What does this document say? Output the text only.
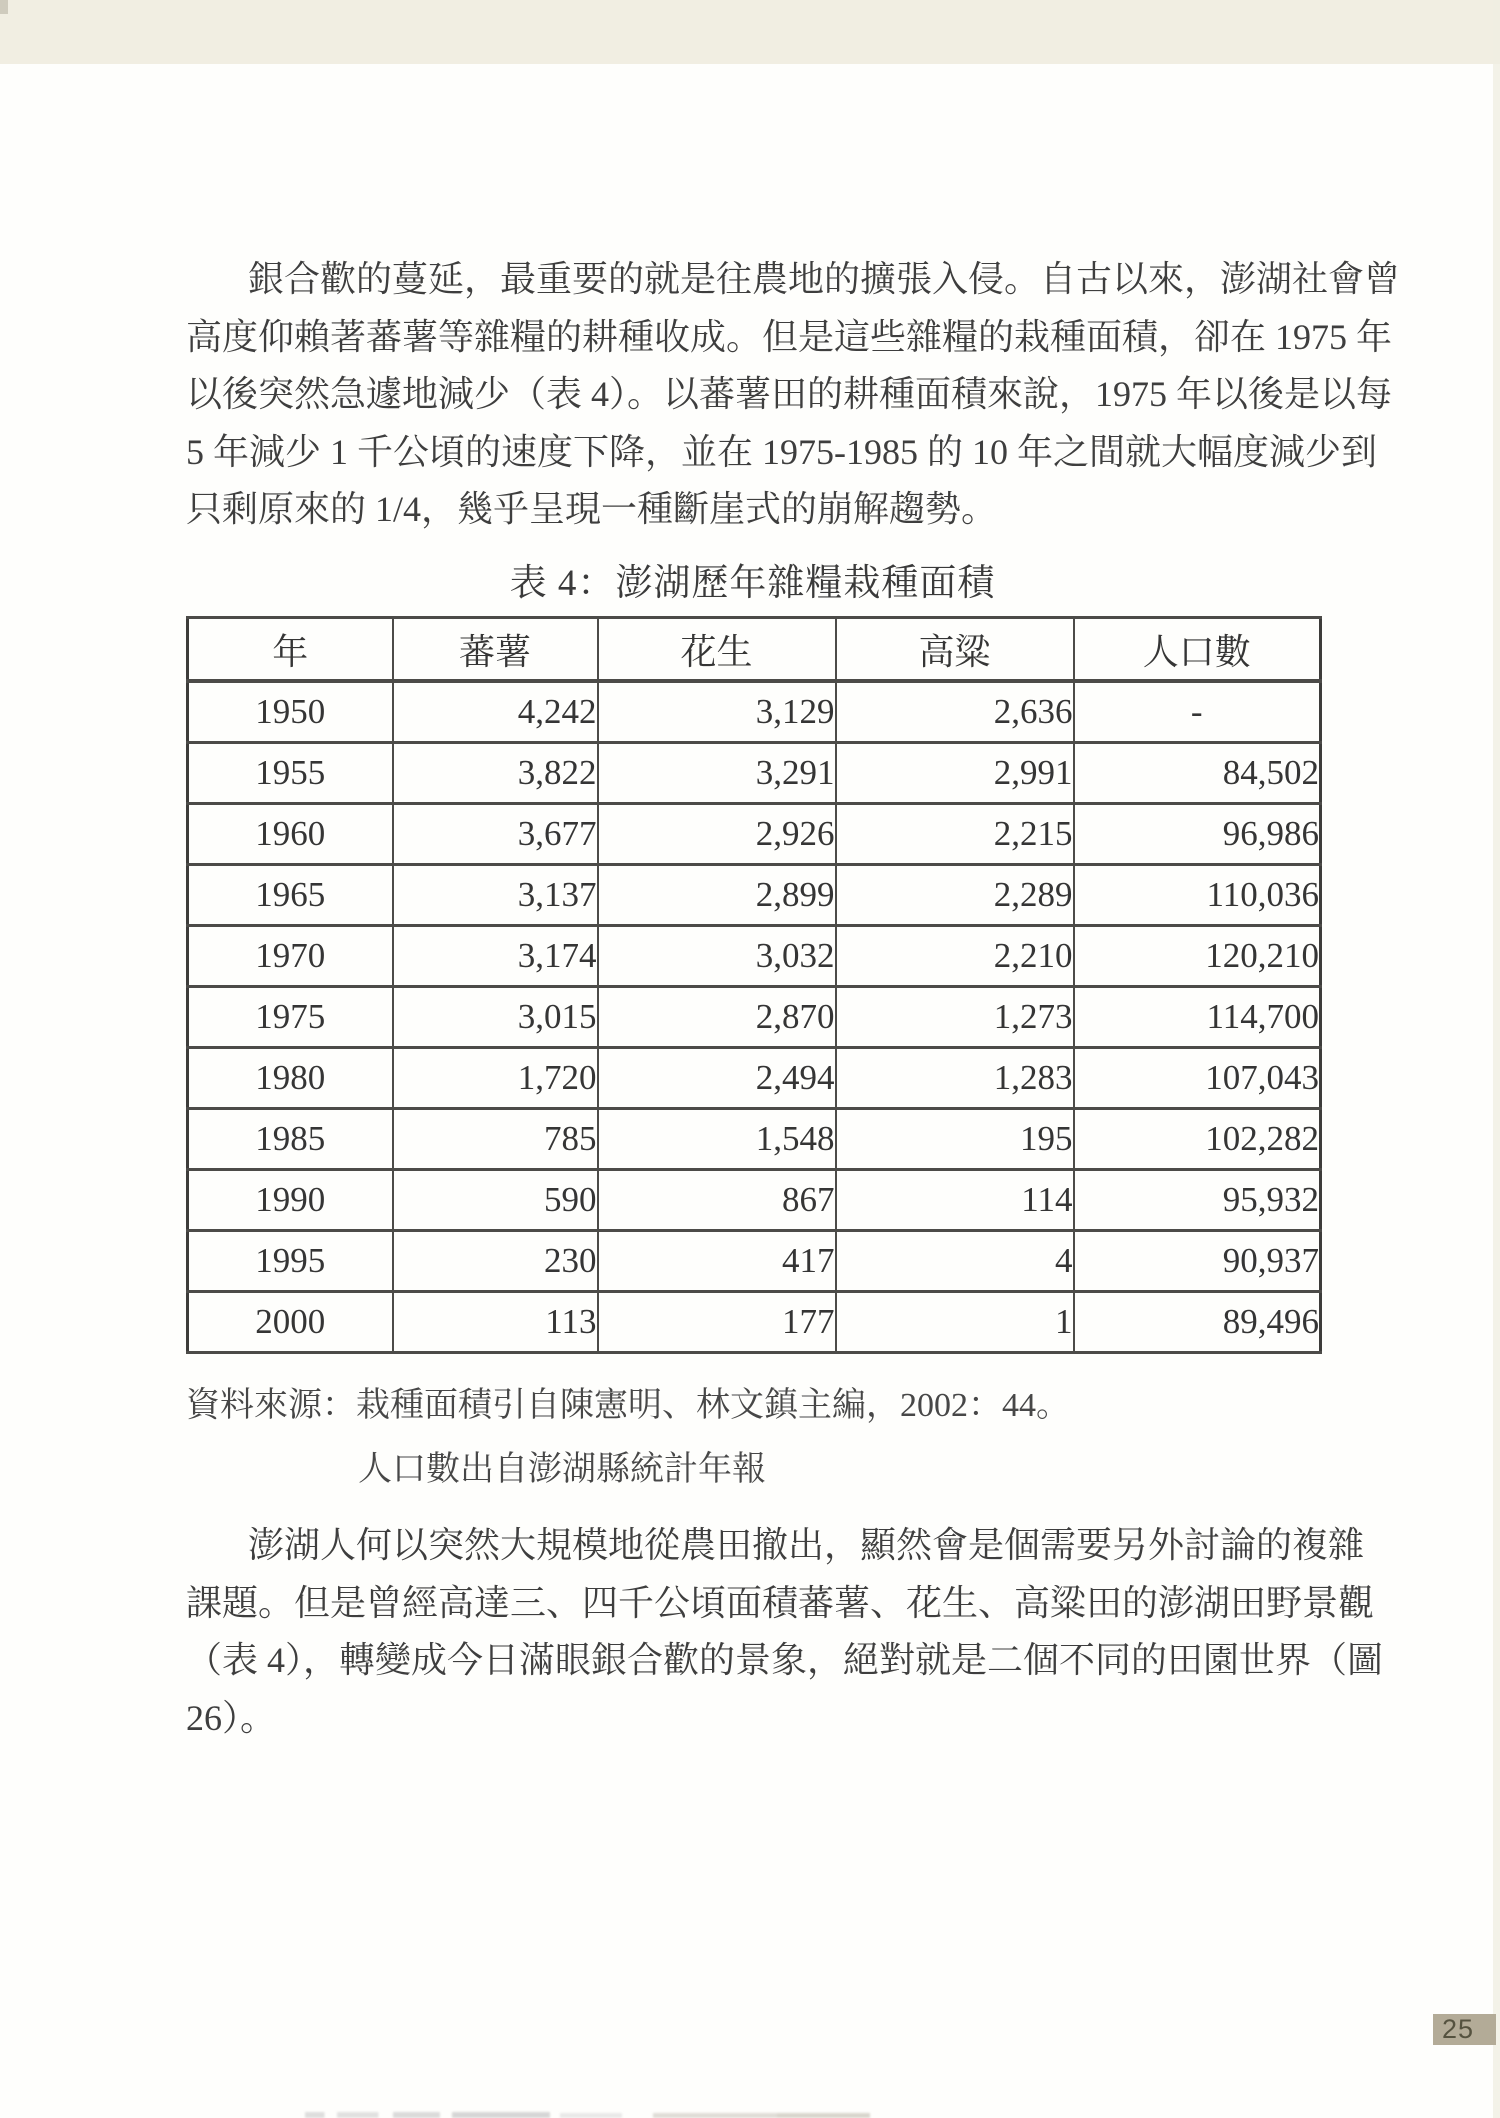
銀合歡的蔓延，最重要的就是往農地的擴張入侵。自古以來，澎湖社會曾
高度仰賴著蕃薯等雜糧的耕種收成。但是這些雜糧的栽種面積，卻在 1975 年
以後突然急遽地減少（表 4）。以蕃薯田的耕種面積來說，1975 年以後是以每
5 年減少 1 千公頃的速度下降，並在 1975-1985 的 10 年之間就大幅度減少到
只剩原來的 1/4，幾乎呈現一種斷崖式的崩解趨勢。
表 4：澎湖歷年雜糧栽種面積
年	蕃薯	花生	高粱	人口數
1950	4,242	3,129	2,636	-
1955	3,822	3,291	2,991	84,502
1960	3,677	2,926	2,215	96,986
1965	3,137	2,899	2,289	110,036
1970	3,174	3,032	2,210	120,210
1975	3,015	2,870	1,273	114,700
1980	1,720	2,494	1,283	107,043
1985	785	1,548	195	102,282
1990	590	867	114	95,932
1995	230	417	4	90,937
2000	113	177	1	89,496
資料來源：栽種面積引自陳憲明、林文鎮主編，2002：44。
人口數出自澎湖縣統計年報
澎湖人何以突然大規模地從農田撤出，顯然會是個需要另外討論的複雜
課題。但是曾經高達三、四千公頃面積蕃薯、花生、高粱田的澎湖田野景觀
（表 4），轉變成今日滿眼銀合歡的景象，絕對就是二個不同的田園世界（圖
26）。
25
